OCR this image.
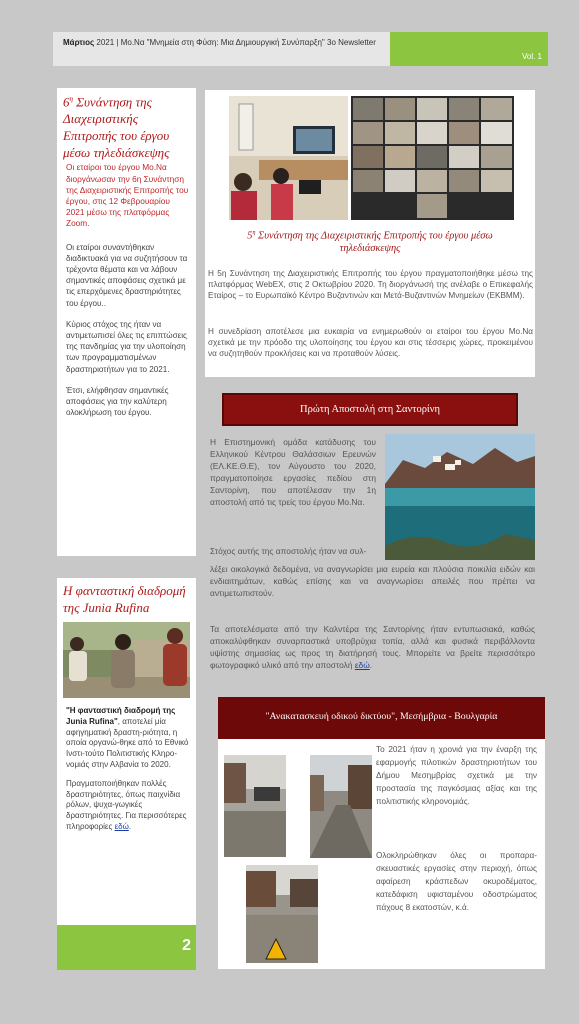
Μάρτιος 2021 | Μο.Να "Μνημεία στη Φύση: Μια Δημιουργική Συνύπαρξη" 3ο Newsletter
Vol. 1
$6^\eta$ Συνάντηση της Διαχειριστικής Επιτροπής του έργου μέσω τηλεδιάσκεψης
Οι εταίροι του έργου Μο.Να διοργάνωσαν την 6η Συνάντηση της Διαχειριστικής Επιτροπής του έργου, στις 12 Φεβρουαρίου 2021 μέσω της πλατφόρμας Zoom.
Οι εταίροι συναντήθηκαν διαδικτυακά για να συζητήσουν τα τρέχοντα θέματα και να λάβουν σημαντικές αποφάσεις σχετικά με τις επερχόμενες δραστηριότητες του έργου..
Κύριος στόχος της ήταν να αντιμετωπισεί όλες τις επιπτώσεις της πανδημίας για την υλοποίηση των προγραμματισμένων δραστηριοτήτων για το 2021.
Έτσι, ελήφθησαν σημαντικές αποφάσεις για την καλύτερη ολοκλήρωση του έργου.
Η φανταστική διαδρομή της Junia Rufina
"Η φανταστική διαδρομή της Junia Rufina", αποτελεί μία αφηγηματική δραστη-ριότητα, η οποία οργανώ-θηκε από το Εθνικό Ινστι-τούτο Πολιτιστικής Κληρο-νομιάς στην Αλβανία το 2020.
Πραγματοποιήθηκαν πολλές δραστηριότητες, όπως παιχνίδια ρόλων, ψυχα-γωγικές δραστηριότητες. Για περισσότερες πληροφορίες εδώ.
2
$5^\eta$ Συνάντηση της Διαχειριστικής Επιτροπής του έργου μέσω τηλεδιάσκεψης
Η 5η Συνάντηση της Διαχειριστικής Επιτροπής του έργου πραγματοποιήθηκε μέσω της πλατφόρμας WebEX, στις 2 Οκτωβρίου 2020. Τη διοργάνωσή της ανέλαβε ο Επικεφαλής Εταίρος – το Ευρωπαϊκό Κέντρο Βυζαντινών και Μετά-Βυζαντινών Μνημείων (ΕΚΒΜΜ).
Η συνεδρίαση αποτέλεσε μια ευκαιρία να ενημερωθούν οι εταίροι του έργου Μο.Να σχετικά με την πρόοδο της υλοποίησης του έργου και στις τέσσερις χώρες, προκειμένου να συζητηθούν προκλήσεις και να προταθούν λύσεις.
Πρώτη Αποστολή στη Σαντορίνη
Η Επιστημονική ομάδα κατάδυσης του Ελληνικού Κέντρου Θαλάσσιων Ερευνών (ΕΛ.ΚΕ.Θ.Ε), τον Αύγουστο του 2020, πραγματοποίησε εργασίες πεδίου στη Σαντορίνη, που αποτέλεσαν την 1η αποστολή από τις τρείς του έργου Μο.Να.
Στόχος αυτής της αποστολής ήταν να συλ-
λέξει οικολογικά δεδομένα, να αναγνωρίσει μια ευρεία και πλούσια ποικιλία ειδών και ενδιαιτημάτων, καθώς επίσης και να αναγνωρίσει απειλές που πρέπει να αντιμετωπιστούν.
Τα αποτελέσματα από την Καλντέρα της Σαντορίνης ήταν εντυπωσιακά, καθώς αποκαλύφθηκαν συναρπαστικά υποβρύχια τοπία, αλλά και φυσικά περιβάλλοντα υψίστης σημασίας ως προς τη διατήρησή τους. Μπορείτε να βρείτε περισσότερο φωτογραφικό υλικό από την αποστολή εδώ.
"Ανακατασκευή οδικού δικτύου", Μεσήμβρια - Βουλγαρία
Το 2021 ήταν η χρονιά για την έναρξη της εφαρμογής πιλοτικών δραστηριοτήτων του Δήμου Μεσημβρίας σχετικά με την προστασία της παγκόσμιας αξίας και της πολιτιστικής κληρονομιάς.
Ολοκληρώθηκαν όλες οι προπαρα-σκευαστικές εργασίες στην περιοχή, όπως αφαίρεση κράσπεδων οκυροδέματος, κατεδάφιση υφισταμένου οδοστρώματος πάχους 8 εκατοστών, κ.ά.
